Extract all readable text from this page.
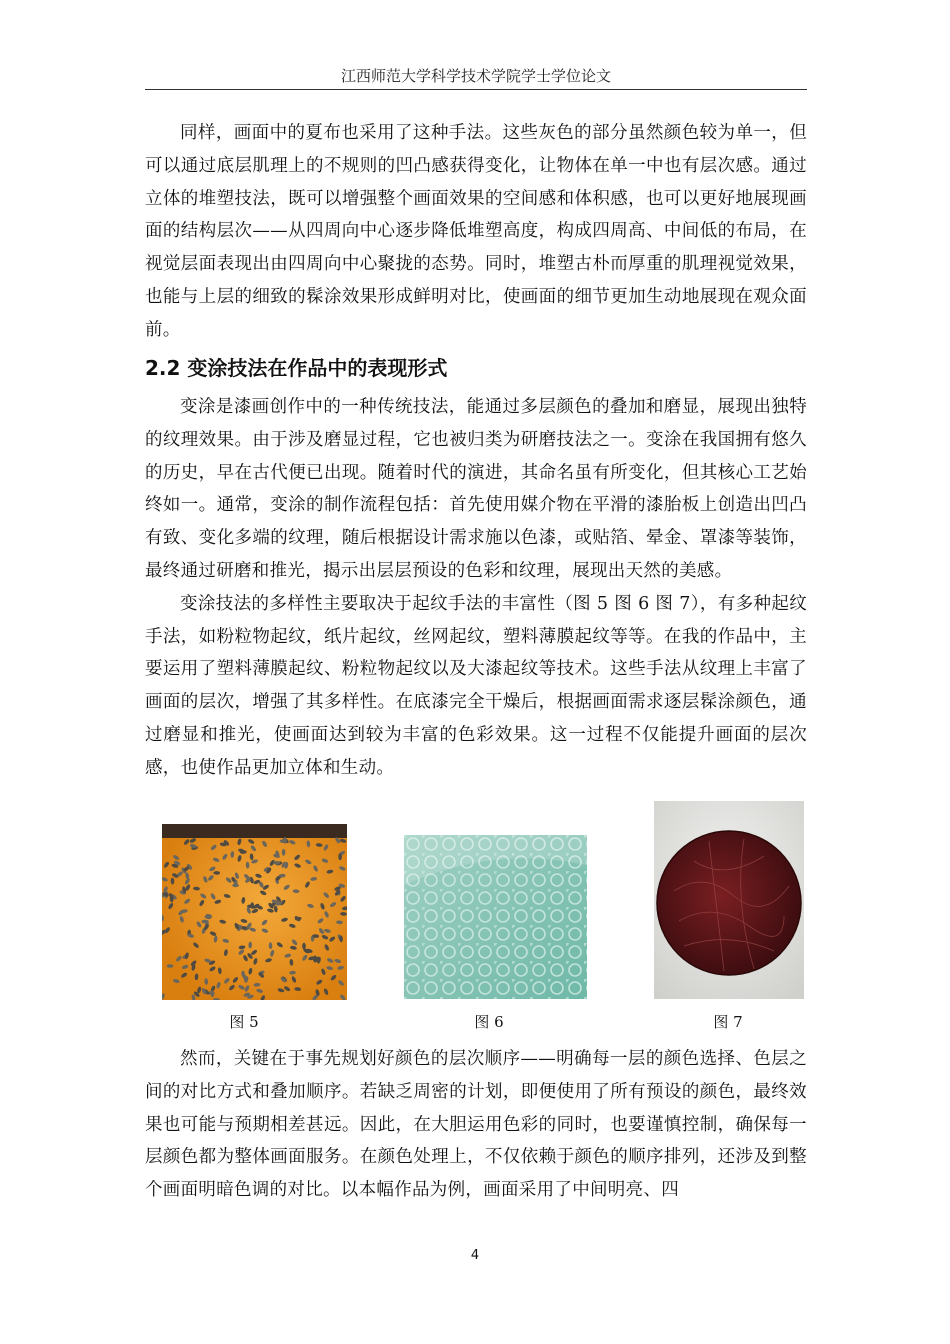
江西师范大学科学技术学院学士学位论文

同样，画面中的夏布也采用了这种手法。这些灰色的部分虽然颜色较为单一，但可以通过底层肌理上的不规则的凹凸感获得变化，让物体在单一中也有层次感。通过立体的堆塑技法，既可以增强整个画面效果的空间感和体积感，也可以更好地展现画面的结构层次——从四周向中心逐步降低堆塑高度，构成四周高、中间低的布局，在视觉层面表现出由四周向中心聚拢的态势。同时，堆塑古朴而厚重的肌理视觉效果，也能与上层的细致的髹涂效果形成鲜明对比，使画面的细节更加生动地展现在观众面前。

2.2 变涂技法在作品中的表现形式

变涂是漆画创作中的一种传统技法，能通过多层颜色的叠加和磨显，展现出独特的纹理效果。由于涉及磨显过程，它也被归类为研磨技法之一。变涂在我国拥有悠久的历史，早在古代便已出现。随着时代的演进，其命名虽有所变化，但其核心工艺始终如一。通常，变涂的制作流程包括：首先使用媒介物在平滑的漆胎板上创造出凹凸有致、变化多端的纹理，随后根据设计需求施以色漆，或贴箔、晕金、罩漆等装饰，最终通过研磨和推光，揭示出层层预设的色彩和纹理，展现出天然的美感。

变涂技法的多样性主要取决于起纹手法的丰富性（图 5 图 6 图 7），有多种起纹手法，如粉粒物起纹，纸片起纹，丝网起纹，塑料薄膜起纹等等。在我的作品中，主要运用了塑料薄膜起纹、粉粒物起纹以及大漆起纹等技术。这些手法从纹理上丰富了画面的层次，增强了其多样性。在底漆完全干燥后，根据画面需求逐层髹涂颜色，通过磨显和推光，使画面达到较为丰富的色彩效果。这一过程不仅能提升画面的层次感，也使作品更加立体和生动。

图 5	图 6	图 7

然而，关键在于事先规划好颜色的层次顺序——明确每一层的颜色选择、色层之间的对比方式和叠加顺序。若缺乏周密的计划，即便使用了所有预设的颜色，最终效果也可能与预期相差甚远。因此，在大胆运用色彩的同时，也要谨慎控制，确保每一层颜色都为整体画面服务。在颜色处理上，不仅依赖于颜色的顺序排列，还涉及到整个画面明暗色调的对比。以本幅作品为例，画面采用了中间明亮、四

4
